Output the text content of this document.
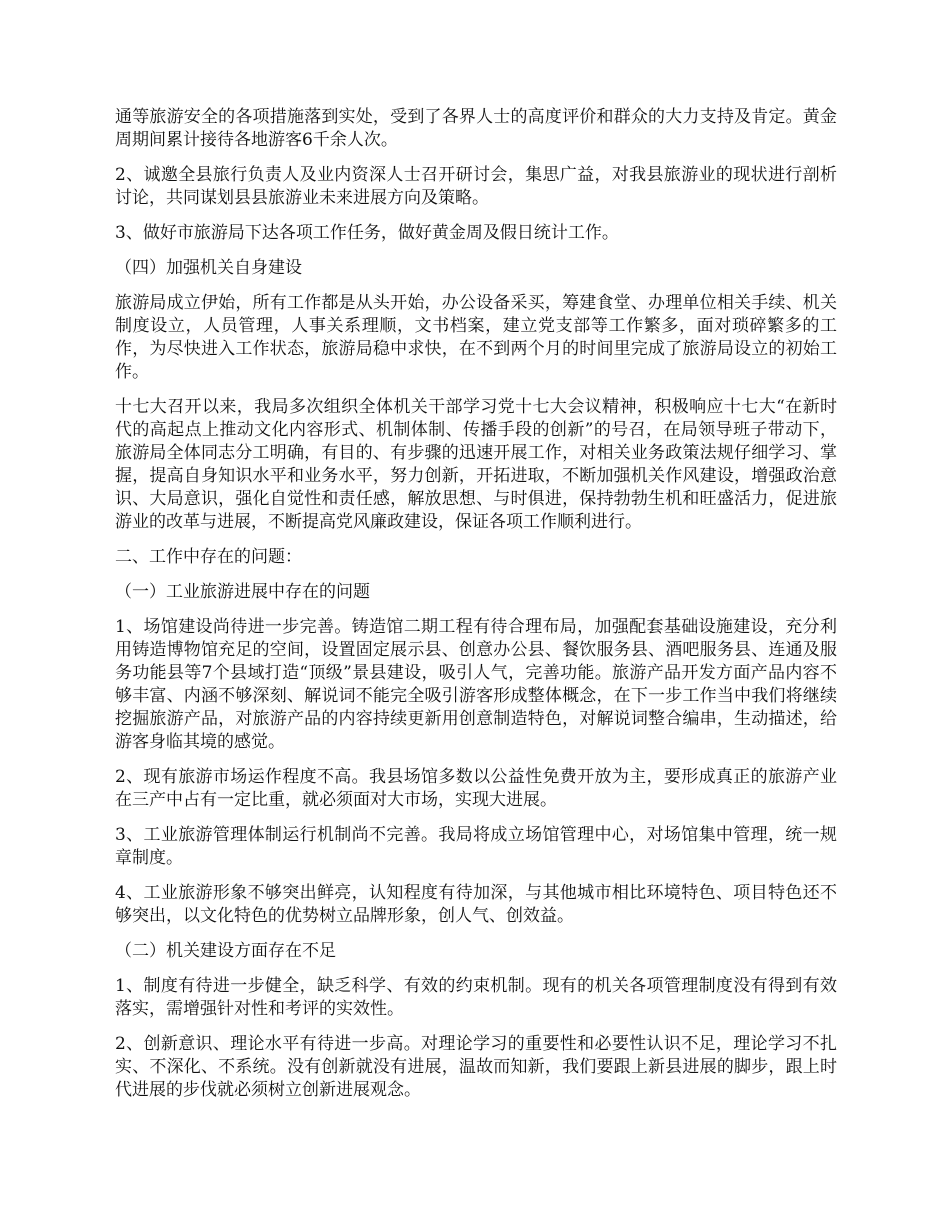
通等旅游安全的各项措施落到实处，受到了各界人士的高度评价和群众的大力支持及肯定。黄金周期间累计接待各地游客6千余人次。

2、诚邀全县旅行负责人及业内资深人士召开研讨会，集思广益，对我县旅游业的现状进行剖析讨论，共同谋划县县旅游业未来进展方向及策略。

3、做好市旅游局下达各项工作任务，做好黄金周及假日统计工作。

（四）加强机关自身建设

旅游局成立伊始，所有工作都是从头开始，办公设备采买，筹建食堂、办理单位相关手续、机关制度设立，人员管理，人事关系理顺，文书档案，建立党支部等工作繁多，面对琐碎繁多的工作，为尽快进入工作状态，旅游局稳中求快，在不到两个月的时间里完成了旅游局设立的初始工作。

十七大召开以来，我局多次组织全体机关干部学习党十七大会议精神，积极响应十七大“在新时代的高起点上推动文化内容形式、机制体制、传播手段的创新”的号召，在局领导班子带动下，旅游局全体同志分工明确，有目的、有步骤的迅速开展工作，对相关业务政策法规仔细学习、掌握，提高自身知识水平和业务水平，努力创新，开拓进取，不断加强机关作风建设，增强政治意识、大局意识，强化自觉性和责任感，解放思想、与时俱进，保持勃勃生机和旺盛活力，促进旅游业的改革与进展，不断提高党风廉政建设，保证各项工作顺利进行。

二、工作中存在的问题：

（一）工业旅游进展中存在的问题

1、场馆建设尚待进一步完善。铸造馆二期工程有待合理布局，加强配套基础设施建设，充分利用铸造博物馆充足的空间，设置固定展示县、创意办公县、餐饮服务县、酒吧服务县、连通及服务功能县等7个县域打造“顶级”景县建设，吸引人气，完善功能。旅游产品开发方面产品内容不够丰富、内涵不够深刻、解说词不能完全吸引游客形成整体概念，在下一步工作当中我们将继续挖掘旅游产品，对旅游产品的内容持续更新用创意制造特色，对解说词整合编串，生动描述，给游客身临其境的感觉。

2、现有旅游市场运作程度不高。我县场馆多数以公益性免费开放为主，要形成真正的旅游产业在三产中占有一定比重，就必须面对大市场，实现大进展。

3、工业旅游管理体制运行机制尚不完善。我局将成立场馆管理中心，对场馆集中管理，统一规章制度。

4、工业旅游形象不够突出鲜亮，认知程度有待加深，与其他城市相比环境特色、项目特色还不够突出，以文化特色的优势树立品牌形象，创人气、创效益。

（二）机关建设方面存在不足

1、制度有待进一步健全，缺乏科学、有效的约束机制。现有的机关各项管理制度没有得到有效落实，需增强针对性和考评的实效性。

2、创新意识、理论水平有待进一步高。对理论学习的重要性和必要性认识不足，理论学习不扎实、不深化、不系统。没有创新就没有进展，温故而知新，我们要跟上新县进展的脚步，跟上时代进展的步伐就必须树立创新进展观念。
